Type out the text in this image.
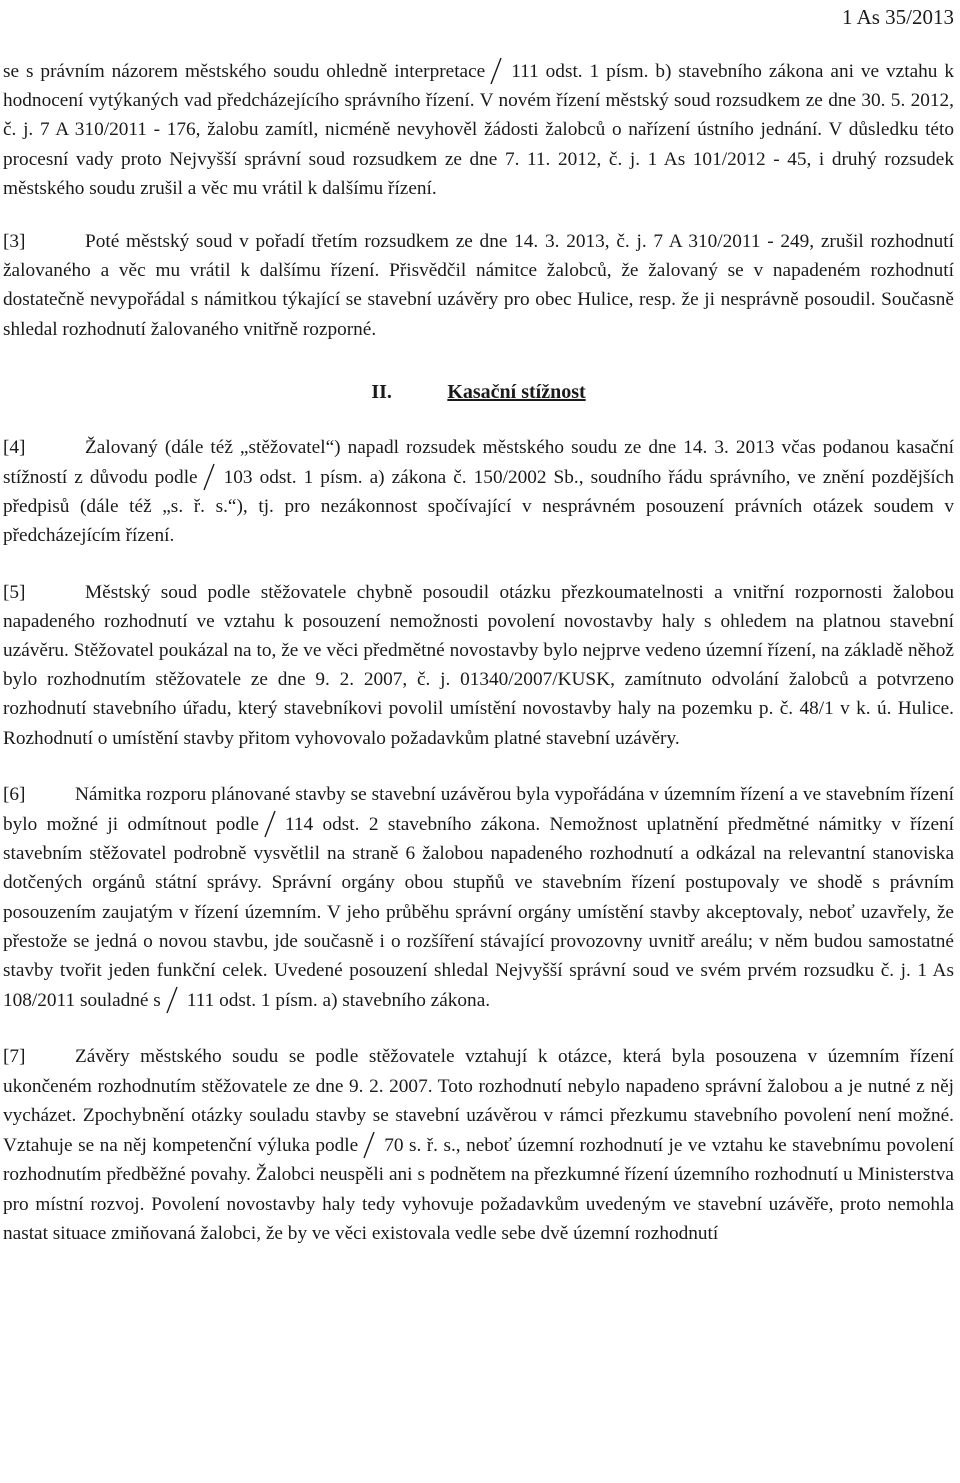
1 As 35/2013

se s právním názorem městského soudu ohledně interpretace 111 odst. 1 písm. b) stavebního zákona ani ve vztahu k hodnocení vytýkaných vad předcházejícího správního řízení. V novém řízení městský soud rozsudkem ze dne 30. 5. 2012, č. j. 7 A 310/2011 - 176, žalobu zamítl, nicméně nevyhověl žádosti žalobců o nařízení ústního jednání. V důsledku této procesní vady proto Nejvyšší správní soud rozsudkem ze dne 7. 11. 2012, č. j. 1 As 101/2012 - 45, i druhý rozsudek městského soudu zrušil a věc mu vrátil k dalšímu řízení.

[3]	Poté městský soud v pořadí třetím rozsudkem ze dne 14. 3. 2013, č. j. 7 A 310/2011 - 249, zrušil rozhodnutí žalovaného a věc mu vrátil k dalšímu řízení. Přisvědčil námitce žalobců, že žalovaný se v napadeném rozhodnutí dostatečně nevypořádal s námitkou týkající se stavební uzávěry pro obec Hulice, resp. že ji nesprávně posoudil. Současně shledal rozhodnutí žalovaného vnitřně rozporné.

II.	Kasační stížnost

[4]	Žalovaný (dále též „stěžovatel“) napadl rozsudek městského soudu ze dne 14. 3. 2013 včas podanou kasační stížností z důvodu podle 103 odst. 1 písm. a) zákona č. 150/2002 Sb., soudního řádu správního, ve znění pozdějších předpisů (dále též „s. ř. s.“), tj. pro nezákonnost spočívající v nesprávném posouzení právních otázek soudem v předcházejícím řízení.

[5]	Městský soud podle stěžovatele chybně posoudil otázku přezkoumatelnosti a vnitřní rozpornosti žalobou napadeného rozhodnutí ve vztahu k posouzení nemožnosti povolení novostavby haly s ohledem na platnou stavební uzávěru. Stěžovatel poukázal na to, že ve věci předmětné novostavby bylo nejprve vedeno územní řízení, na základě něhož bylo rozhodnutím stěžovatele ze dne 9. 2. 2007, č. j. 01340/2007/KUSK, zamítnuto odvolání žalobců a potvrzeno rozhodnutí stavebního úřadu, který stavebníkovi povolil umístění novostavby haly na pozemku p. č. 48/1 v k. ú. Hulice. Rozhodnutí o umístění stavby přitom vyhovovalo požadavkům platné stavební uzávěry.

[6]	Námitka rozporu plánované stavby se stavební uzávěrou byla vypořádána v územním řízení a ve stavebním řízení bylo možné ji odmítnout podle 114 odst. 2 stavebního zákona. Nemožnost uplatnění předmětné námitky v řízení stavebním stěžovatel podrobně vysvětlil na straně 6 žalobou napadeného rozhodnutí a odkázal na relevantní stanoviska dotčených orgánů státní správy. Správní orgány obou stupňů ve stavebním řízení postupovaly ve shodě s právním posouzením zaujatým v řízení územním. V jeho průběhu správní orgány umístění stavby akceptovaly, neboť uzavřely, že přestože se jedná o novou stavbu, jde současně i o rozšíření stávající provozovny uvnitř areálu; v něm budou samostatné stavby tvořit jeden funkční celek. Uvedené posouzení shledal Nejvyšší správní soud ve svém prvém rozsudku č. j. 1 As 108/2011 souladné s 111 odst. 1 písm. a) stavebního zákona.

[7]	Závěry městského soudu se podle stěžovatele vztahují k otázce, která byla posouzena v územním řízení ukončeném rozhodnutím stěžovatele ze dne 9. 2. 2007. Toto rozhodnutí nebylo napadeno správní žalobou a je nutné z něj vycházet. Zpochybnění otázky souladu stavby se stavební uzávěrou v rámci přezkumu stavebního povolení není možné. Vztahuje se na něj kompetenční výluka podle 70 s. ř. s., neboť územní rozhodnutí je ve vztahu ke stavebnímu povolení rozhodnutím předběžné povahy. Žalobci neuspěli ani s podnětem na přezkumné řízení územního rozhodnutí u Ministerstva pro místní rozvoj. Povolení novostavby haly tedy vyhovuje požadavkům uvedeným ve stavební uzávěře, proto nemohla nastat situace zmiňovaná žalobci, že by ve věci existovala vedle sebe dvě územní rozhodnutí
